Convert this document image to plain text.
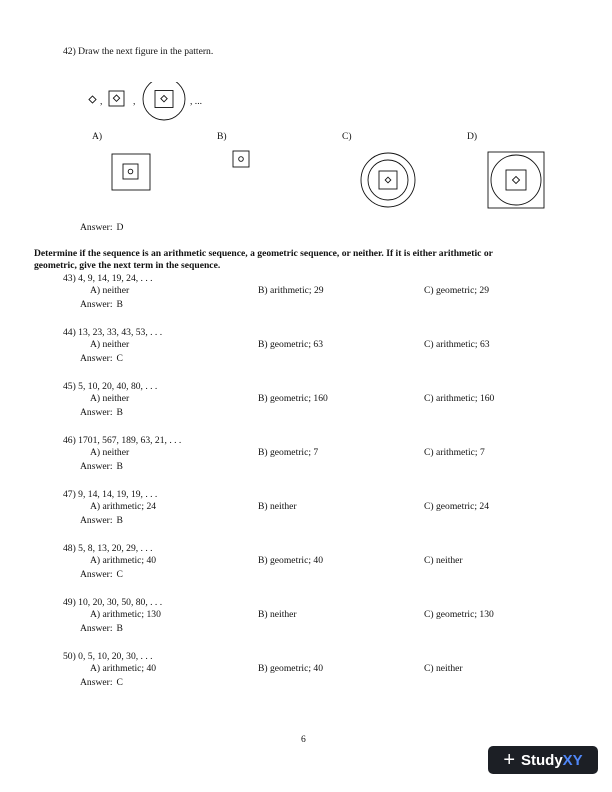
42) Draw the next figure in the pattern.
,	,	, ...
A)	B)	C)	D)
Answer: D
Determine if the sequence is an arithmetic sequence, a geometric sequence, or neither. If it is either arithmetic or
geometric, give the next term in the sequence.
43) 4, 9, 14, 19, 24, . . .
A) neither	B) arithmetic; 29	C) geometric; 29
Answer: B
44) 13, 23, 33, 43, 53, . . .
A) neither	B) geometric; 63	C) arithmetic; 63
Answer: C
45) 5, 10, 20, 40, 80, . . .
A) neither	B) geometric; 160	C) arithmetic; 160
Answer: B
46) 1701, 567, 189, 63, 21, . . .
A) neither	B) geometric; 7	C) arithmetic; 7
Answer: B
47) 9, 14, 14, 19, 19, . . .
A) arithmetic; 24	B) neither	C) geometric; 24
Answer: B
48) 5, 8, 13, 20, 29, . . .
A) arithmetic; 40	B) geometric; 40	C) neither
Answer: C
49) 10, 20, 30, 50, 80, . . .
A) arithmetic; 130	B) neither	C) geometric; 130
Answer: B
50) 0, 5, 10, 20, 30, . . .
A) arithmetic; 40	B) geometric; 40	C) neither
Answer: C
6
+ Study XY
